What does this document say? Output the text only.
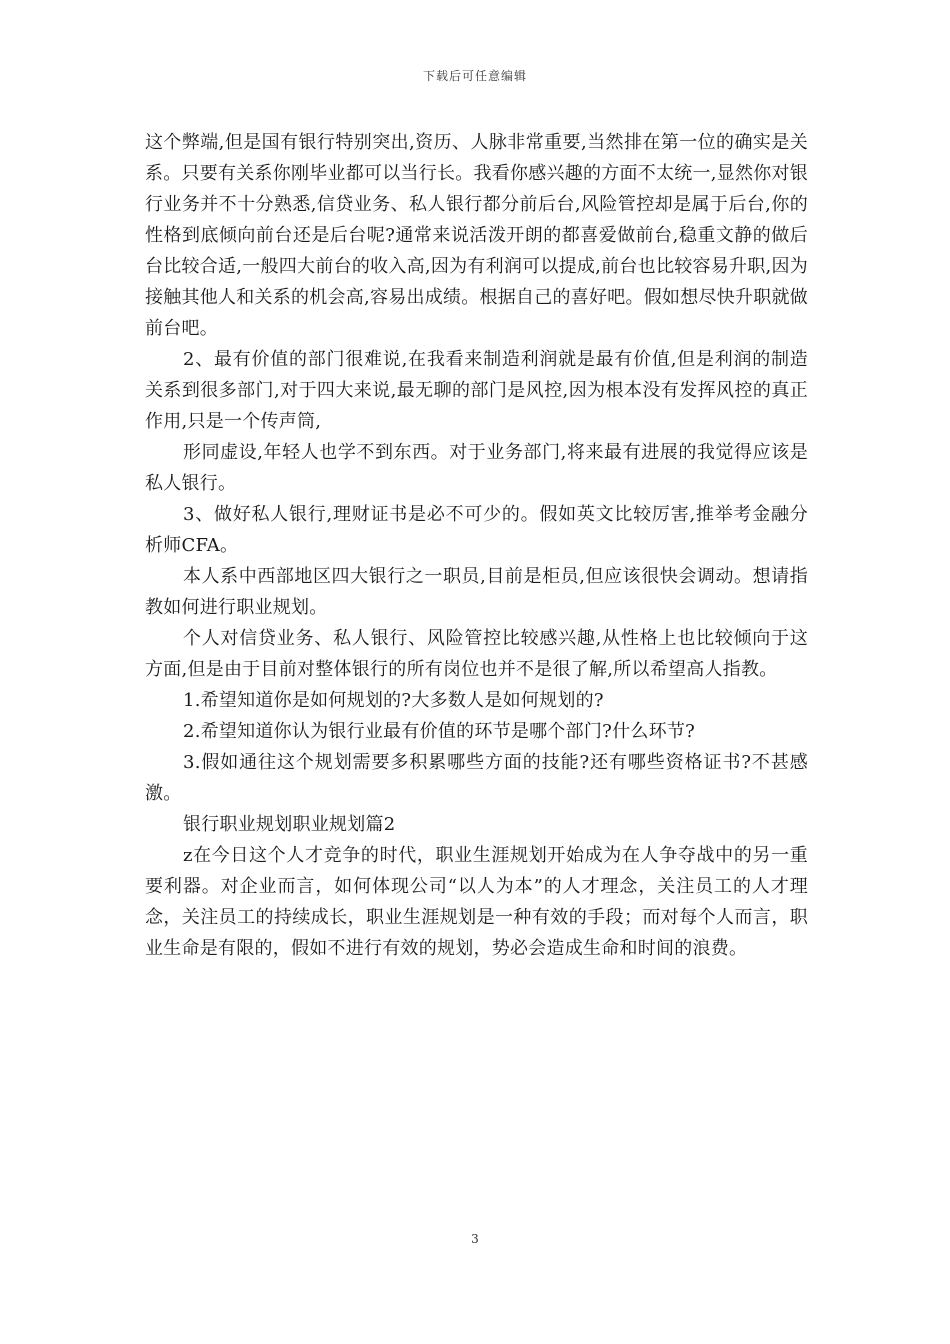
下载后可任意编辑

这个弊端,但是国有银行特别突出,资历、人脉非常重要,当然排在第一位的确实是关系。只要有关系你刚毕业都可以当行长。我看你感兴趣的方面不太统一,显然你对银行业务并不十分熟悉,信贷业务、私人银行都分前后台,风险管控却是属于后台,你的性格到底倾向前台还是后台呢?通常来说活泼开朗的都喜爱做前台,稳重文静的做后台比较合适,一般四大前台的收入高,因为有利润可以提成,前台也比较容易升职,因为接触其他人和关系的机会高,容易出成绩。根据自己的喜好吧。假如想尽快升职就做前台吧。

2、最有价值的部门很难说,在我看来制造利润就是最有价值,但是利润的制造关系到很多部门,对于四大来说,最无聊的部门是风控,因为根本没有发挥风控的真正作用,只是一个传声筒,

形同虚设,年轻人也学不到东西。对于业务部门,将来最有进展的我觉得应该是私人银行。

3、做好私人银行,理财证书是必不可少的。假如英文比较厉害,推举考金融分析师CFA。

本人系中西部地区四大银行之一职员,目前是柜员,但应该很快会调动。想请指教如何进行职业规划。

个人对信贷业务、私人银行、风险管控比较感兴趣,从性格上也比较倾向于这方面,但是由于目前对整体银行的所有岗位也并不是很了解,所以希望高人指教。

1.希望知道你是如何规划的?大多数人是如何规划的?

2.希望知道你认为银行业最有价值的环节是哪个部门?什么环节?

3.假如通往这个规划需要多积累哪些方面的技能?还有哪些资格证书?不甚感激。

银行职业规划职业规划篇2

z在今日这个人才竞争的时代，职业生涯规划开始成为在人争夺战中的另一重要利器。对企业而言，如何体现公司“以人为本”的人才理念，关注员工的人才理念，关注员工的持续成长，职业生涯规划是一种有效的手段；而对每个人而言，职业生命是有限的，假如不进行有效的规划，势必会造成生命和时间的浪费。

3
